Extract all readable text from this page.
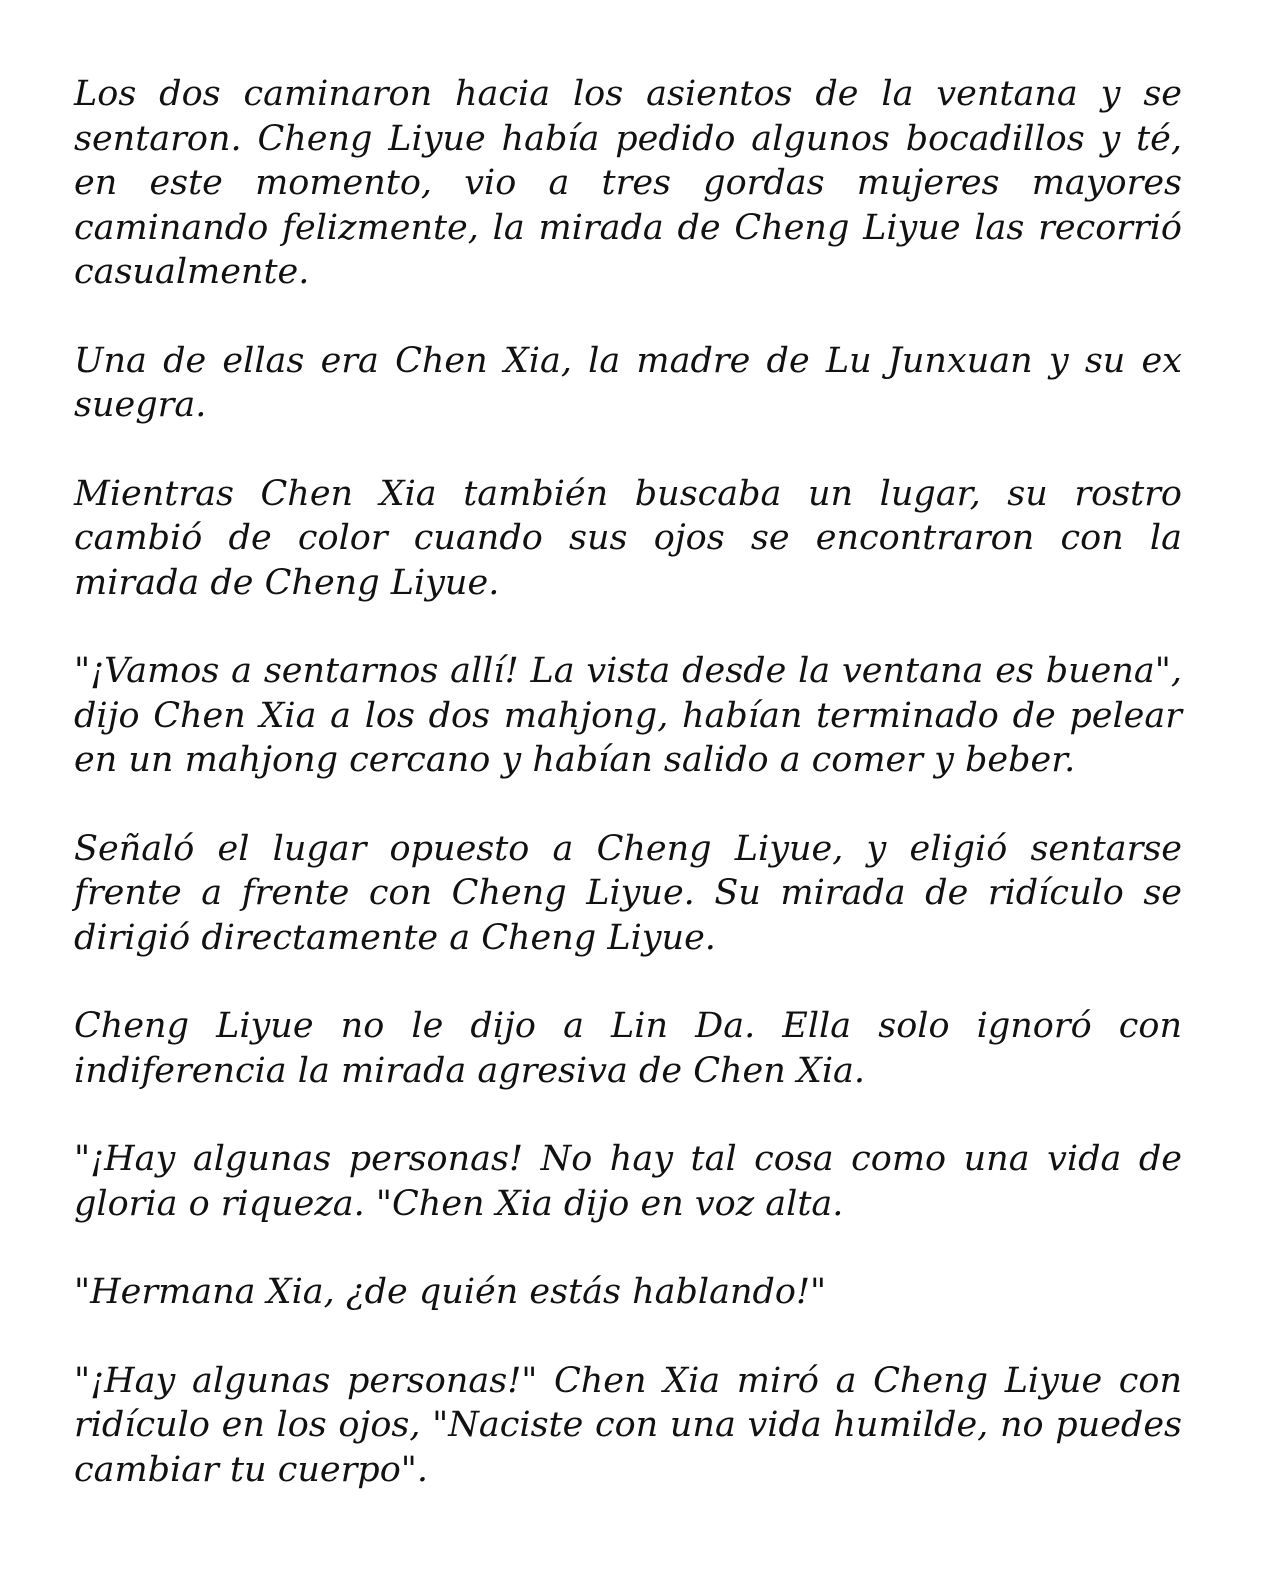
Los dos caminaron hacia los asientos de la ventana y se sentaron. Cheng Liyue había pedido algunos bocadillos y té, en este momento, vio a tres gordas mujeres mayores caminando felizmente, la mirada de Cheng Liyue las recorrió casualmente.

Una de ellas era Chen Xia, la madre de Lu Junxuan y su ex suegra.

Mientras Chen Xia también buscaba un lugar, su rostro cambió de color cuando sus ojos se encontraron con la mirada de Cheng Liyue.

"¡Vamos a sentarnos allí! La vista desde la ventana es buena", dijo Chen Xia a los dos mahjong, habían terminado de pelear en un mahjong cercano y habían salido a comer y beber.

Señaló el lugar opuesto a Cheng Liyue, y eligió sentarse frente a frente con Cheng Liyue. Su mirada de ridículo se dirigió directamente a Cheng Liyue.

Cheng Liyue no le dijo a Lin Da. Ella solo ignoró con indiferencia la mirada agresiva de Chen Xia.

"¡Hay algunas personas! No hay tal cosa como una vida de gloria o riqueza. "Chen Xia dijo en voz alta.

"Hermana Xia, ¿de quién estás hablando!"

"¡Hay algunas personas!" Chen Xia miró a Cheng Liyue con ridículo en los ojos, "Naciste con una vida humilde, no puedes cambiar tu cuerpo".
